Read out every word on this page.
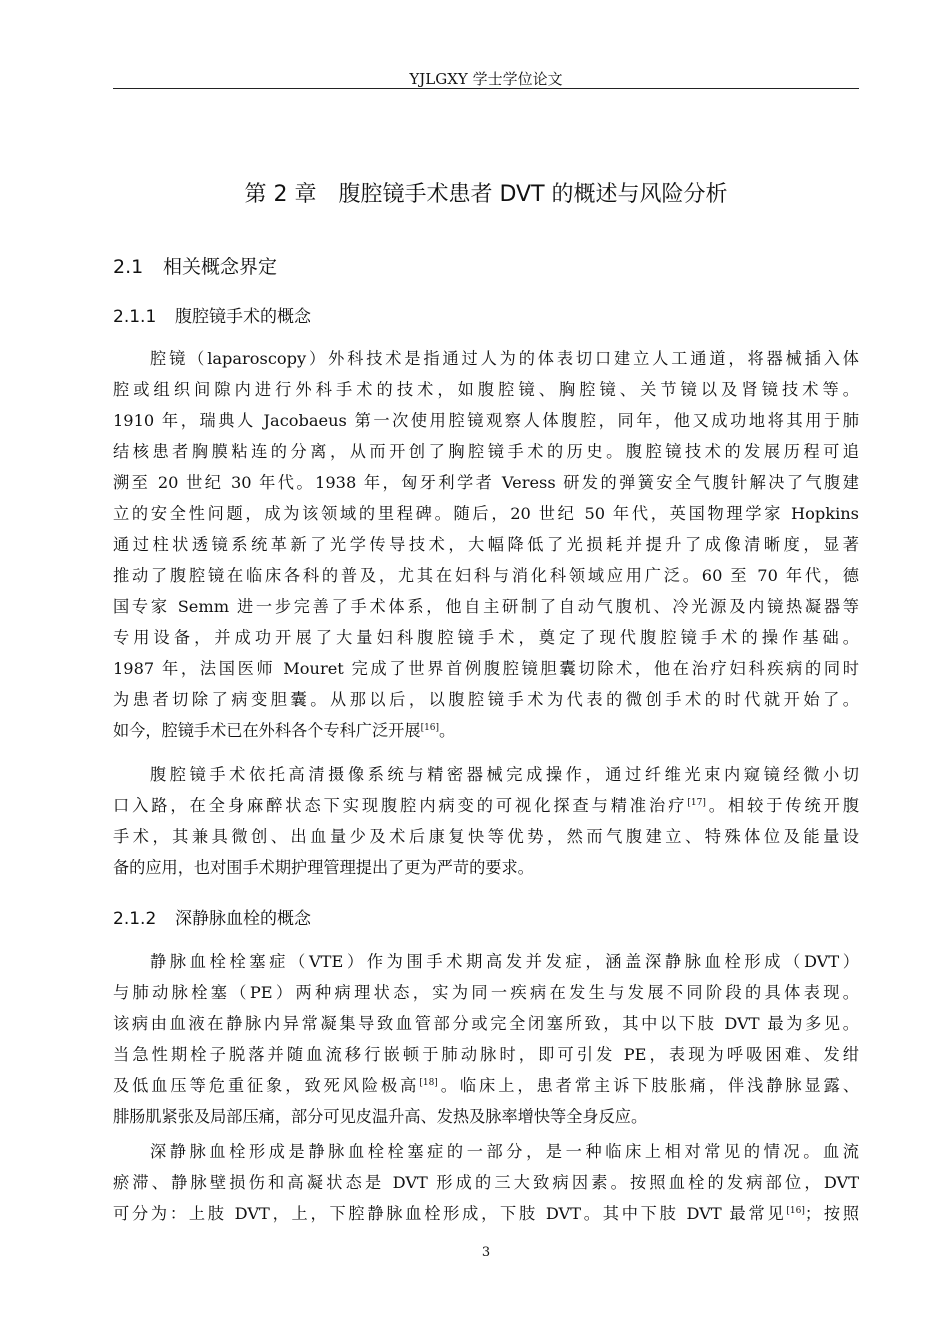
YJLGXY 学士学位论文
第 2 章 腹腔镜手术患者 DVT 的概述与风险分析
2.1 相关概念界定
2.1.1 腹腔镜手术的概念
腔镜（laparoscopy）外科技术是指通过人为的体表切口建立人工通道，将器械插入体
腔或组织间隙内进行外科手术的技术，如腹腔镜、胸腔镜、关节镜以及肾镜技术等。
1910 年，瑞典人 Jacobaeus 第一次使用腔镜观察人体腹腔，同年，他又成功地将其用于肺
结核患者胸膜粘连的分离，从而开创了胸腔镜手术的历史。腹腔镜技术的发展历程可追
溯至 20 世纪 30 年代。1938 年，匈牙利学者 Veress 研发的弹簧安全气腹针解决了气腹建
立的安全性问题，成为该领域的里程碑。随后，20 世纪 50 年代，英国物理学家 Hopkins
通过柱状透镜系统革新了光学传导技术，大幅降低了光损耗并提升了成像清晰度，显著
推动了腹腔镜在临床各科的普及，尤其在妇科与消化科领域应用广泛。60 至 70 年代，德
国专家 Semm 进一步完善了手术体系，他自主研制了自动气腹机、冷光源及内镜热凝器等
专用设备，并成功开展了大量妇科腹腔镜手术，奠定了现代腹腔镜手术的操作基础。
1987 年，法国医师 Mouret 完成了世界首例腹腔镜胆囊切除术，他在治疗妇科疾病的同时
为患者切除了病变胆囊。从那以后，以腹腔镜手术为代表的微创手术的时代就开始了。
如今，腔镜手术已在外科各个专科广泛开展[16]。
腹腔镜手术依托高清摄像系统与精密器械完成操作，通过纤维光束内窥镜经微小切
口入路，在全身麻醉状态下实现腹腔内病变的可视化探查与精准治疗[17]。相较于传统开腹
手术，其兼具微创、出血量少及术后康复快等优势，然而气腹建立、特殊体位及能量设
备的应用，也对围手术期护理管理提出了更为严苛的要求。
2.1.2 深静脉血栓的概念
静脉血栓栓塞症（VTE）作为围手术期高发并发症，涵盖深静脉血栓形成（DVT）
与肺动脉栓塞（PE）两种病理状态，实为同一疾病在发生与发展不同阶段的具体表现。
该病由血液在静脉内异常凝集导致血管部分或完全闭塞所致，其中以下肢 DVT 最为多见。
当急性期栓子脱落并随血流移行嵌顿于肺动脉时，即可引发 PE，表现为呼吸困难、发绀
及低血压等危重征象，致死风险极高[18]。临床上，患者常主诉下肢胀痛，伴浅静脉显露、
腓肠肌紧张及局部压痛，部分可见皮温升高、发热及脉率增快等全身反应。
深静脉血栓形成是静脉血栓栓塞症的一部分，是一种临床上相对常见的情况。血流
瘀滞、静脉壁损伤和高凝状态是 DVT 形成的三大致病因素。按照血栓的发病部位，DVT
可分为：上肢 DVT，上，下腔静脉血栓形成，下肢 DVT。其中下肢 DVT 最常见[16]；按照
3
